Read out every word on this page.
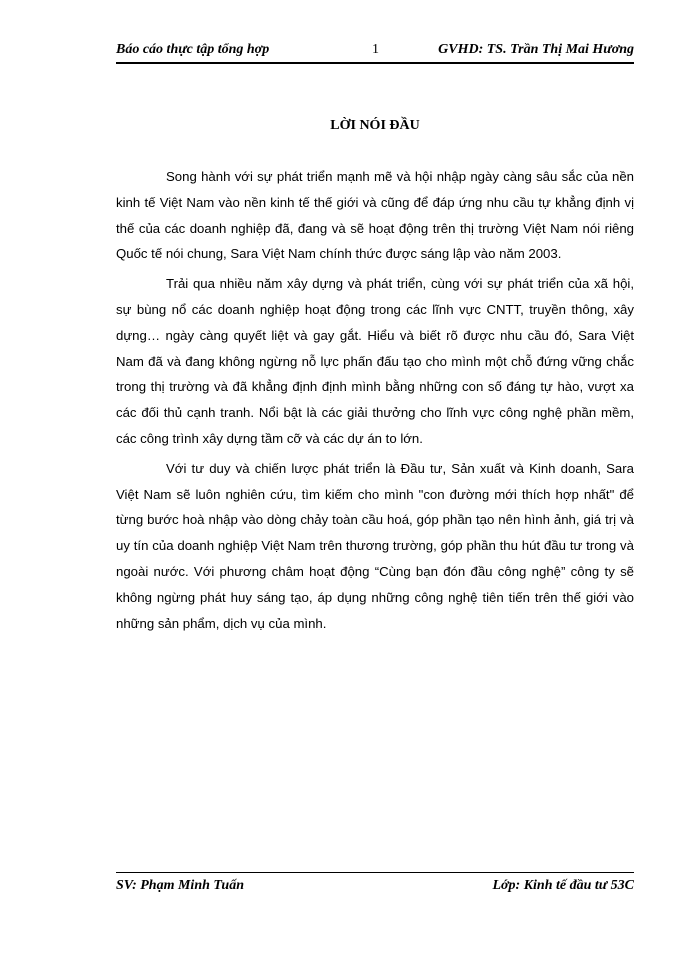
Báo cáo thực tập tổng hợp	1	GVHD: TS. Trần Thị Mai Hương
LỜI NÓI ĐẦU

Song hành với sự phát triển mạnh mẽ và hội nhập ngày càng sâu sắc của nền kinh tế Việt Nam vào nền kinh tế thế giới và cũng để đáp ứng nhu cầu tự khẳng định vị thế của các doanh nghiệp đã, đang và sẽ hoạt động trên thị trường Việt Nam nói riêng Quốc tế nói chung, Sara Việt Nam chính thức được sáng lập vào năm 2003.

Trải qua nhiều năm xây dựng và phát triển, cùng với sự phát triển của xã hội, sự bùng nổ các doanh nghiệp hoạt động trong các lĩnh vực CNTT, truyền thông, xây dựng… ngày càng quyết liệt và gay gắt. Hiểu và biết rõ được nhu cầu đó, Sara Việt Nam đã và đang không ngừng nỗ lực phấn đấu tạo cho mình một chỗ đứng vững chắc trong thị trường và đã khẳng định định mình bằng những con số đáng tự hào, vượt xa các đối thủ cạnh tranh. Nổi bật là các giải thưởng cho lĩnh vực công nghệ phần mềm, các công trình xây dựng tầm cỡ và các dự án to lớn.

Với tư duy và chiến lược phát triển là Đầu tư, Sản xuất và Kinh doanh, Sara Việt Nam sẽ luôn nghiên cứu, tìm kiếm cho mình "con đường mới thích hợp nhất" để từng bước hoà nhập vào dòng chảy toàn cầu hoá, góp phần tạo nên hình ảnh, giá trị và uy tín của doanh nghiệp Việt Nam trên thương trường, góp phần thu hút đầu tư trong và ngoài nước. Với phương châm hoạt động “Cùng bạn đón đầu công nghệ” công ty sẽ không ngừng phát huy sáng tạo, áp dụng những công nghệ tiên tiến trên thế giới vào những sản phẩm, dịch vụ của mình.

SV: Phạm Minh Tuấn	Lớp: Kinh tế đầu tư 53C
